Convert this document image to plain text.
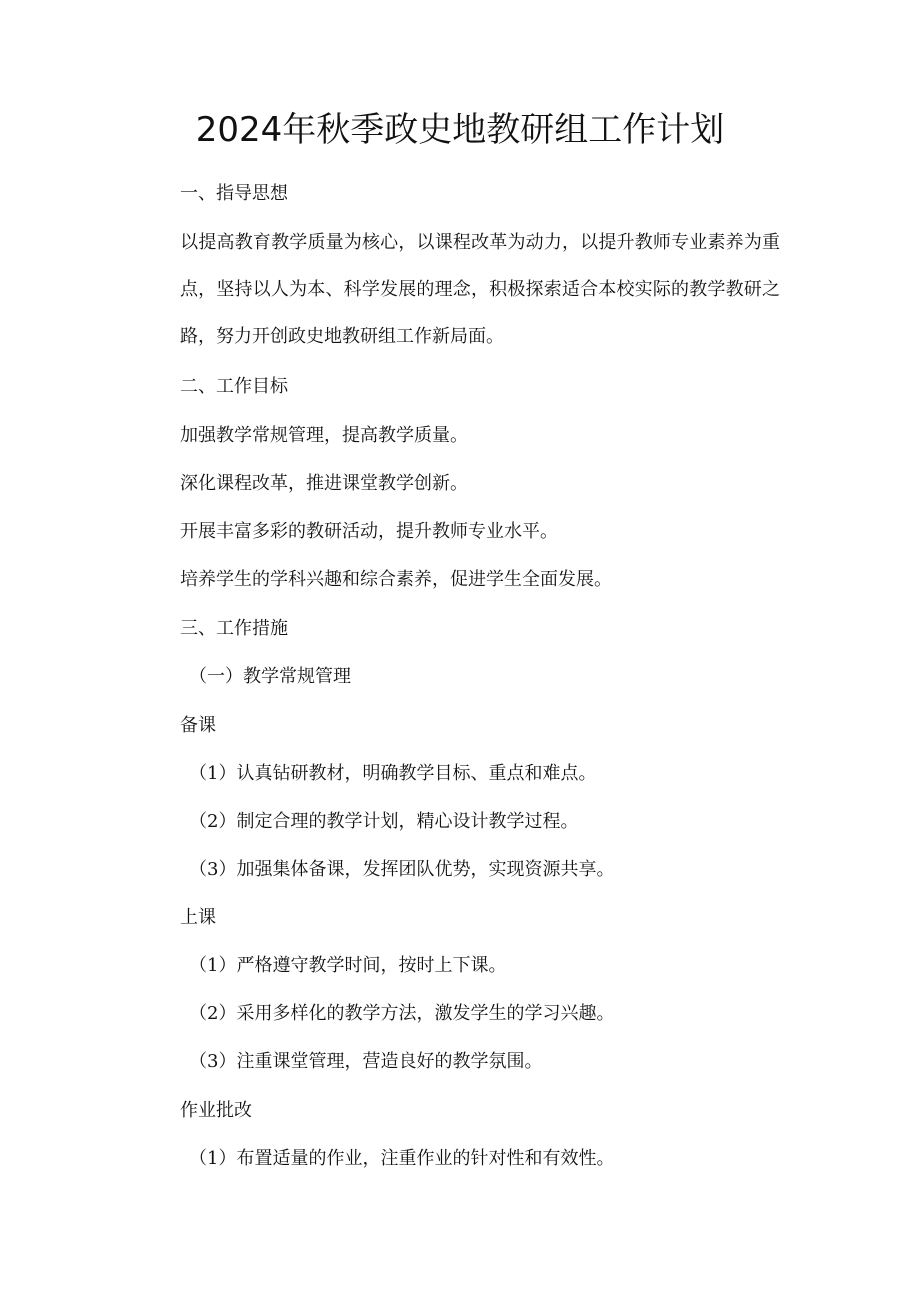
2024年秋季政史地教研组工作计划
一、指导思想
以提高教育教学质量为核心，以课程改革为动力，以提升教师专业素养为重点，坚持以人为本、科学发展的理念，积极探索适合本校实际的教学教研之路，努力开创政史地教研组工作新局面。
二、工作目标
加强教学常规管理，提高教学质量。
深化课程改革，推进课堂教学创新。
开展丰富多彩的教研活动，提升教师专业水平。
培养学生的学科兴趣和综合素养，促进学生全面发展。
三、工作措施
（一）教学常规管理
备课
（1）认真钻研教材，明确教学目标、重点和难点。
（2）制定合理的教学计划，精心设计教学过程。
（3）加强集体备课，发挥团队优势，实现资源共享。
上课
（1）严格遵守教学时间，按时上下课。
（2）采用多样化的教学方法，激发学生的学习兴趣。
（3）注重课堂管理，营造良好的教学氛围。
作业批改
（1）布置适量的作业，注重作业的针对性和有效性。
